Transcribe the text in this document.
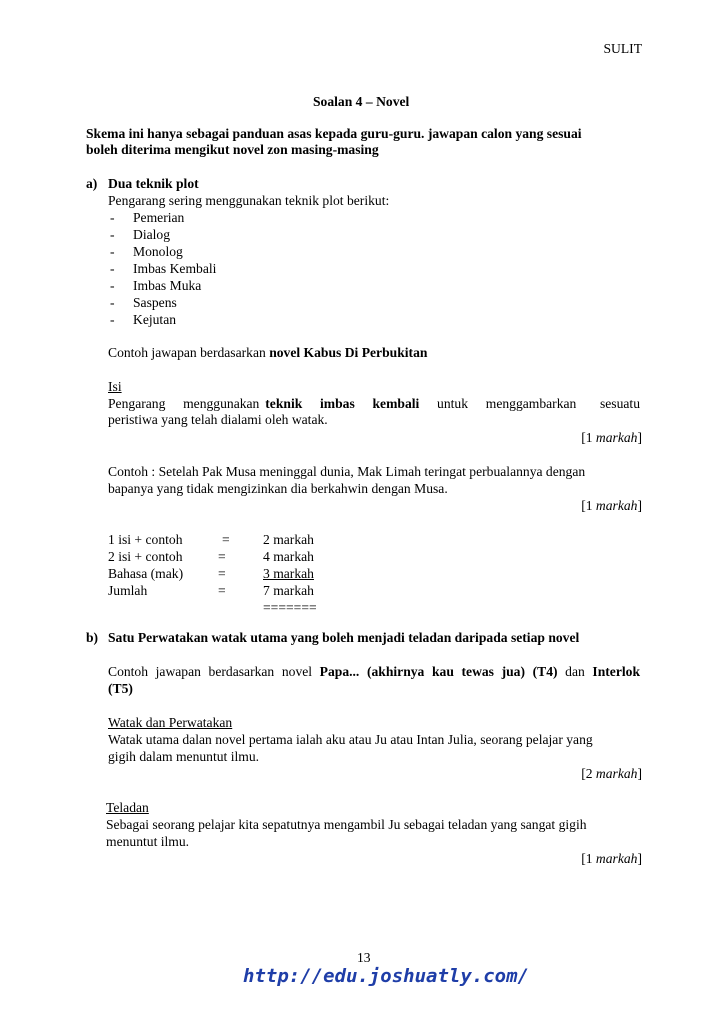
SULIT
Soalan 4 – Novel
Skema ini hanya sebagai panduan asas kepada guru-guru. jawapan calon yang sesuai
boleh diterima mengikut novel zon masing-masing
a) Dua teknik plot
Pengarang sering menggunakan teknik plot berikut:
- Pemerian
- Dialog
- Monolog
- Imbas Kembali
- Imbas Muka
- Saspens
- Kejutan
Contoh jawapan berdasarkan novel Kabus Di Perbukitan
Isi
Pengarang   menggunakan teknik   imbas   kembali   untuk   menggambarkan    sesuatu
peristiwa yang telah dialami oleh watak.
[1 markah]
Contoh : Setelah Pak Musa meninggal dunia, Mak Limah teringat perbualannya dengan
bapanya yang tidak mengizinkan dia berkahwin dengan Musa.
[1 markah]
1 isi + contoh	= 2 markah
2 isi + contoh	=	4 markah
Bahasa (mak)	=	3 markah
Jumlah	=	7 markah
=======
b) Satu Perwatakan watak utama yang boleh menjadi teladan daripada setiap novel
Contoh jawapan berdasarkan novel Papa... (akhirnya kau tewas jua) (T4) dan Interlok
(T5)
Watak dan Perwatakan
Watak utama dalan novel pertama ialah aku atau Ju atau Intan Julia, seorang pelajar yang
gigih dalam menuntut ilmu.
[2 markah]
Teladan
Sebagai seorang pelajar kita sepatutnya mengambil Ju sebagai teladan yang sangat gigih
menuntut ilmu.
[1 markah]
13
http://edu.joshuatly.com/
